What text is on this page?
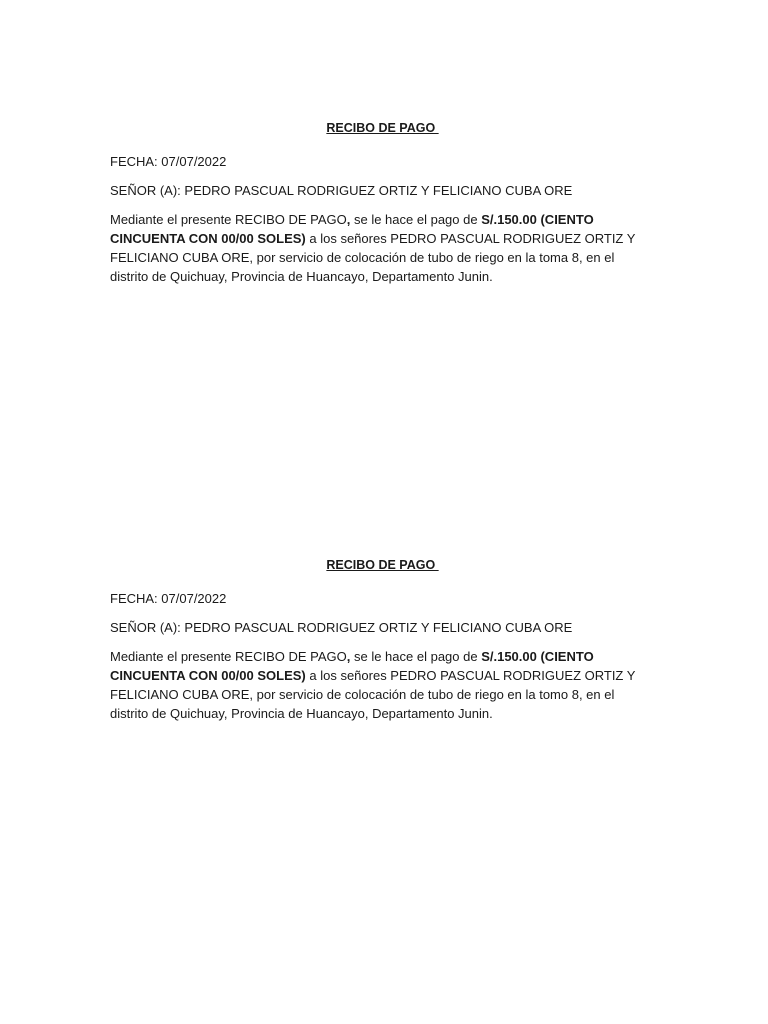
RECIBO DE PAGO
FECHA: 07/07/2022
SEÑOR (A): PEDRO PASCUAL RODRIGUEZ ORTIZ Y FELICIANO CUBA ORE

Mediante el presente RECIBO DE PAGO, se le hace el pago de S/.150.00 (CIENTO CINCUENTA CON 00/00 SOLES) a los señores PEDRO PASCUAL RODRIGUEZ ORTIZ Y FELICIANO CUBA ORE, por servicio de colocación de tubo de riego en la toma 8, en el distrito de Quichuay, Provincia de Huancayo, Departamento Junin.

RECIBO DE PAGO
FECHA: 07/07/2022
SEÑOR (A): PEDRO PASCUAL RODRIGUEZ ORTIZ Y FELICIANO CUBA ORE

Mediante el presente RECIBO DE PAGO, se le hace el pago de S/.150.00 (CIENTO CINCUENTA CON 00/00 SOLES) a los señores PEDRO PASCUAL RODRIGUEZ ORTIZ Y FELICIANO CUBA ORE, por servicio de colocación de tubo de riego en la tomo 8, en el distrito de Quichuay, Provincia de Huancayo, Departamento Junin.
